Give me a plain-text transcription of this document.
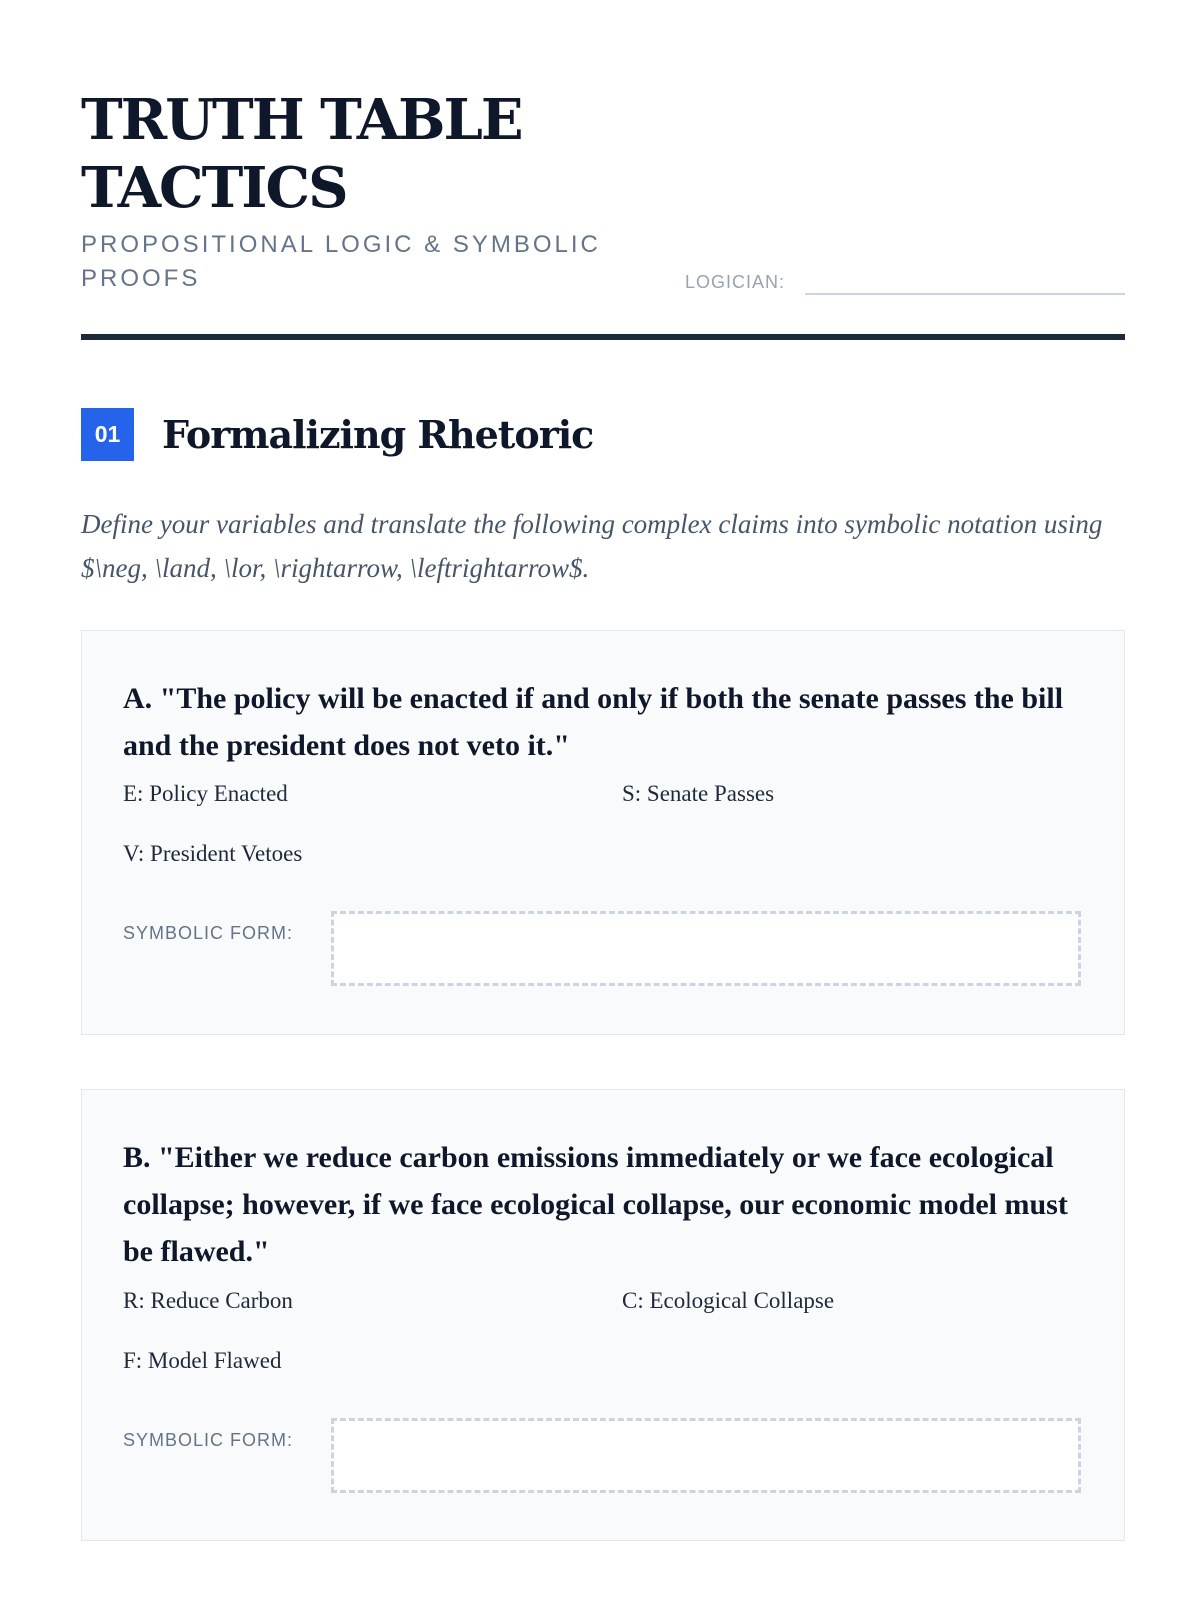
TRUTH TABLE TACTICS
PROPOSITIONAL LOGIC & SYMBOLIC PROOFS	LOGICIAN:
01	Formalizing Rhetoric
Define your variables and translate the following complex claims into symbolic notation using $\neg, \land, \lor, \rightarrow, \leftrightarrow$.

A. "The policy will be enacted if and only if both the senate passes the bill and the president does not veto it."

E: Policy Enacted	S: Senate Passes
V: President Vetoes
SYMBOLIC FORM:

B. "Either we reduce carbon emissions immediately or we face ecological collapse; however, if we face ecological collapse, our economic model must be flawed."

R: Reduce Carbon	C: Ecological Collapse
F: Model Flawed
SYMBOLIC FORM:
